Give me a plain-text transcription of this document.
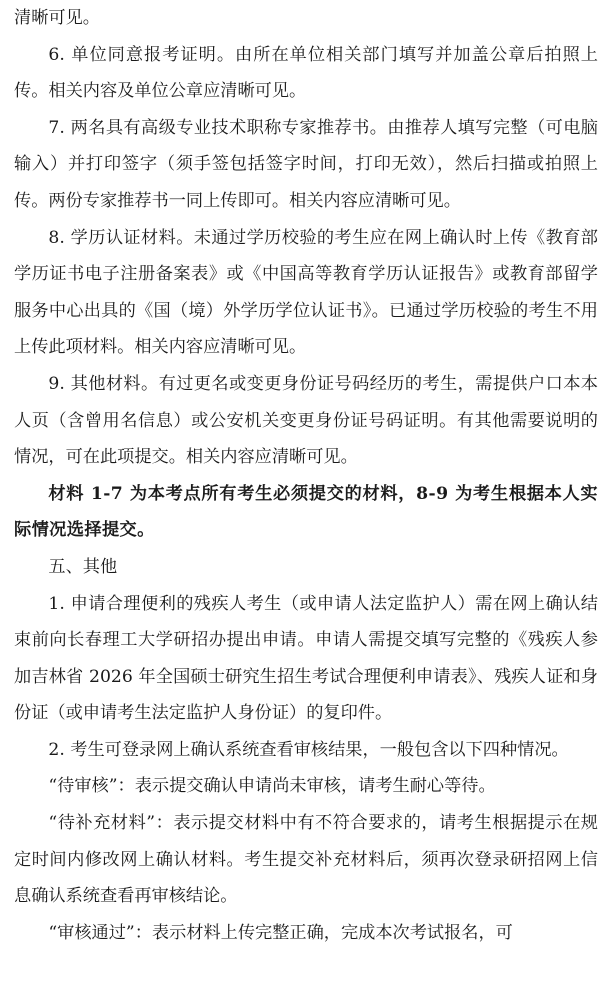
清晰可见。

6. 单位同意报考证明。由所在单位相关部门填写并加盖公章后拍照上传。相关内容及单位公章应清晰可见。

7. 两名具有高级专业技术职称专家推荐书。由推荐人填写完整（可电脑输入）并打印签字（须手签包括签字时间，打印无效），然后扫描或拍照上传。两份专家推荐书一同上传即可。相关内容应清晰可见。

8. 学历认证材料。未通过学历校验的考生应在网上确认时上传《教育部学历证书电子注册备案表》或《中国高等教育学历认证报告》或教育部留学服务中心出具的《国（境）外学历学位认证书》。已通过学历校验的考生不用上传此项材料。相关内容应清晰可见。

9. 其他材料。有过更名或变更身份证号码经历的考生，需提供户口本本人页（含曾用名信息）或公安机关变更身份证号码证明。有其他需要说明的情况，可在此项提交。相关内容应清晰可见。

材料 1-7 为本考点所有考生必须提交的材料，8-9 为考生根据本人实际情况选择提交。

五、其他

1. 申请合理便利的残疾人考生（或申请人法定监护人）需在网上确认结束前向长春理工大学研招办提出申请。申请人需提交填写完整的《残疾人参加吉林省 2026 年全国硕士研究生招生考试合理便利申请表》、残疾人证和身份证（或申请考生法定监护人身份证）的复印件。

2. 考生可登录网上确认系统查看审核结果，一般包含以下四种情况。

“待审核”：表示提交确认申请尚未审核，请考生耐心等待。

“待补充材料”：表示提交材料中有不符合要求的，请考生根据提示在规定时间内修改网上确认材料。考生提交补充材料后，须再次登录研招网上信息确认系统查看再审核结论。

“审核通过”：表示材料上传完整正确，完成本次考试报名，可
